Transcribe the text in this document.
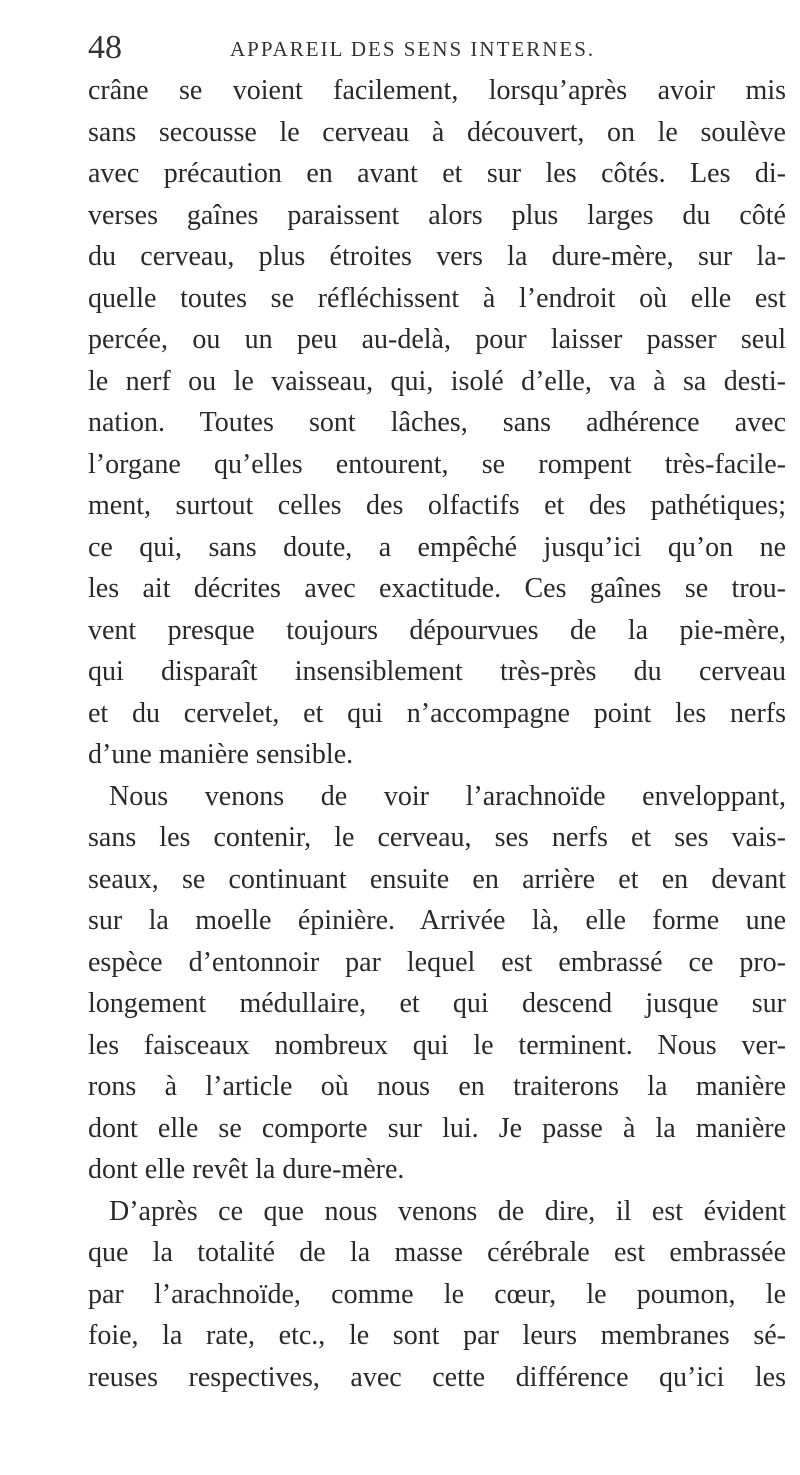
48	APPAREIL DES SENS INTERNES.
crâne se voient facilement, lorsqu’après avoir mis
sans secousse le cerveau à découvert, on le soulève
avec précaution en avant et sur les côtés. Les di-
verses gaînes paraissent alors plus larges du côté
du cerveau, plus étroites vers la dure-mère, sur la-
quelle toutes se réfléchissent à l’endroit où elle est
percée, ou un peu au-delà, pour laisser passer seul
le nerf ou le vaisseau, qui, isolé d’elle, va à sa desti-
nation. Toutes sont lâches, sans adhérence avec
l’organe qu’elles entourent, se rompent très-facile-
ment, surtout celles des olfactifs et des pathétiques;
ce qui, sans doute, a empêché jusqu’ici qu’on ne
les ait décrites avec exactitude. Ces gaînes se trou-
vent presque toujours dépourvues de la pie-mère,
qui disparaît insensiblement très-près du cerveau
et du cervelet, et qui n’accompagne point les nerfs
d’une manière sensible.
Nous venons de voir l’arachnoïde enveloppant,
sans les contenir, le cerveau, ses nerfs et ses vais-
seaux, se continuant ensuite en arrière et en devant
sur la moelle épinière. Arrivée là, elle forme une
espèce d’entonnoir par lequel est embrassé ce pro-
longement médullaire, et qui descend jusque sur
les faisceaux nombreux qui le terminent. Nous ver-
rons à l’article où nous en traiterons la manière
dont elle se comporte sur lui. Je passe à la manière
dont elle revêt la dure-mère.
D’après ce que nous venons de dire, il est évident
que la totalité de la masse cérébrale est embrassée
par l’arachnoïde, comme le cœur, le poumon, le
foie, la rate, etc., le sont par leurs membranes sé-
reuses respectives, avec cette différence qu’ici les
